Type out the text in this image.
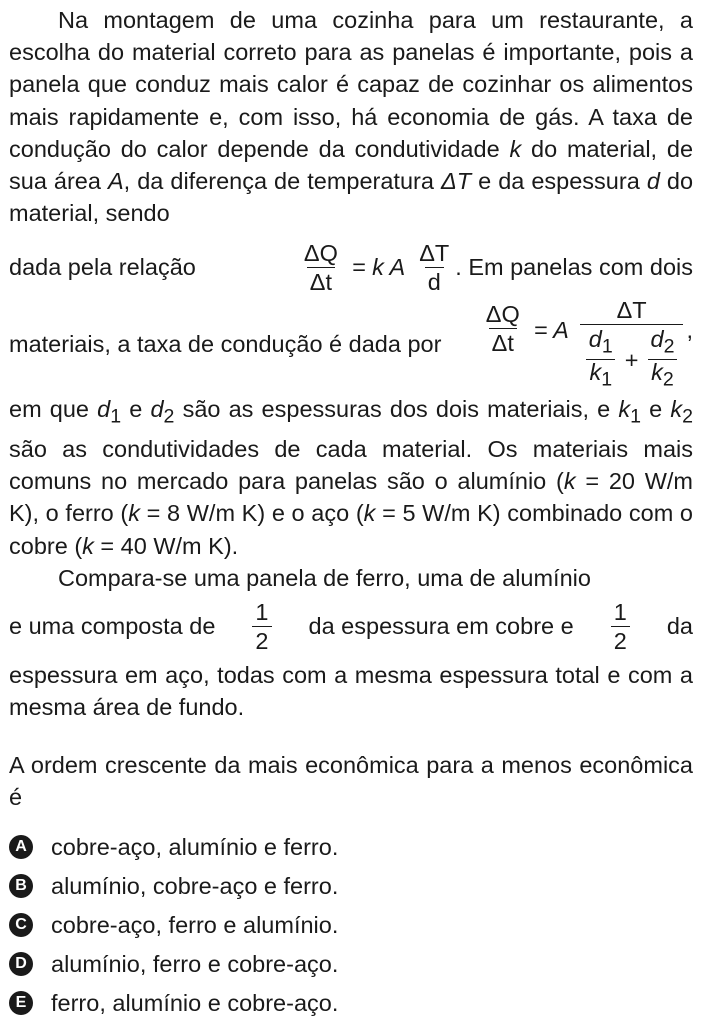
Na montagem de uma cozinha para um restaurante, a escolha do material correto para as panelas é importante, pois a panela que conduz mais calor é capaz de cozinhar os alimentos mais rapidamente e, com isso, há economia de gás. A taxa de condução do calor depende da condutividade k do material, de sua área A, da diferença de temperatura ΔT e da espessura d do material, sendo
dada pela relação	$\frac{\Delta Q}{\Delta t} = k$ A $\frac{\Delta T}{d}$ . Em panelas com dois
materiais, a taxa de condução é dada por $\frac{\Delta Q}{\Delta t} = A$
ΔT
$\frac{d_1}{k_1} + \frac{d_2}{k_2}$ ,
em que $d_1$ e $d_2$ são as espessuras dos dois materiais, e $k_1$ e $k_2$ são as condutividades de cada material. Os materiais mais comuns no mercado para panelas são o alumínio (k = 20 W/m K), o ferro (k = 8 W/m K) e o aço (k = 5 W/m K) combinado com o cobre (k = 40 W/m K).
Compara-se uma panela de ferro, uma de alumínio
e uma composta de $\frac{1}{2}$ da espessura em cobre e $\frac{1}{2}$ da
espessura em aço, todas com a mesma espessura total e com a mesma área de fundo.
A ordem crescente da mais econômica para a menos econômica é
A cobre-aço, alumínio e ferro.
B alumínio, cobre-aço e ferro.
C cobre-aço, ferro e alumínio.
D alumínio, ferro e cobre-aço.
E ferro, alumínio e cobre-aço.
